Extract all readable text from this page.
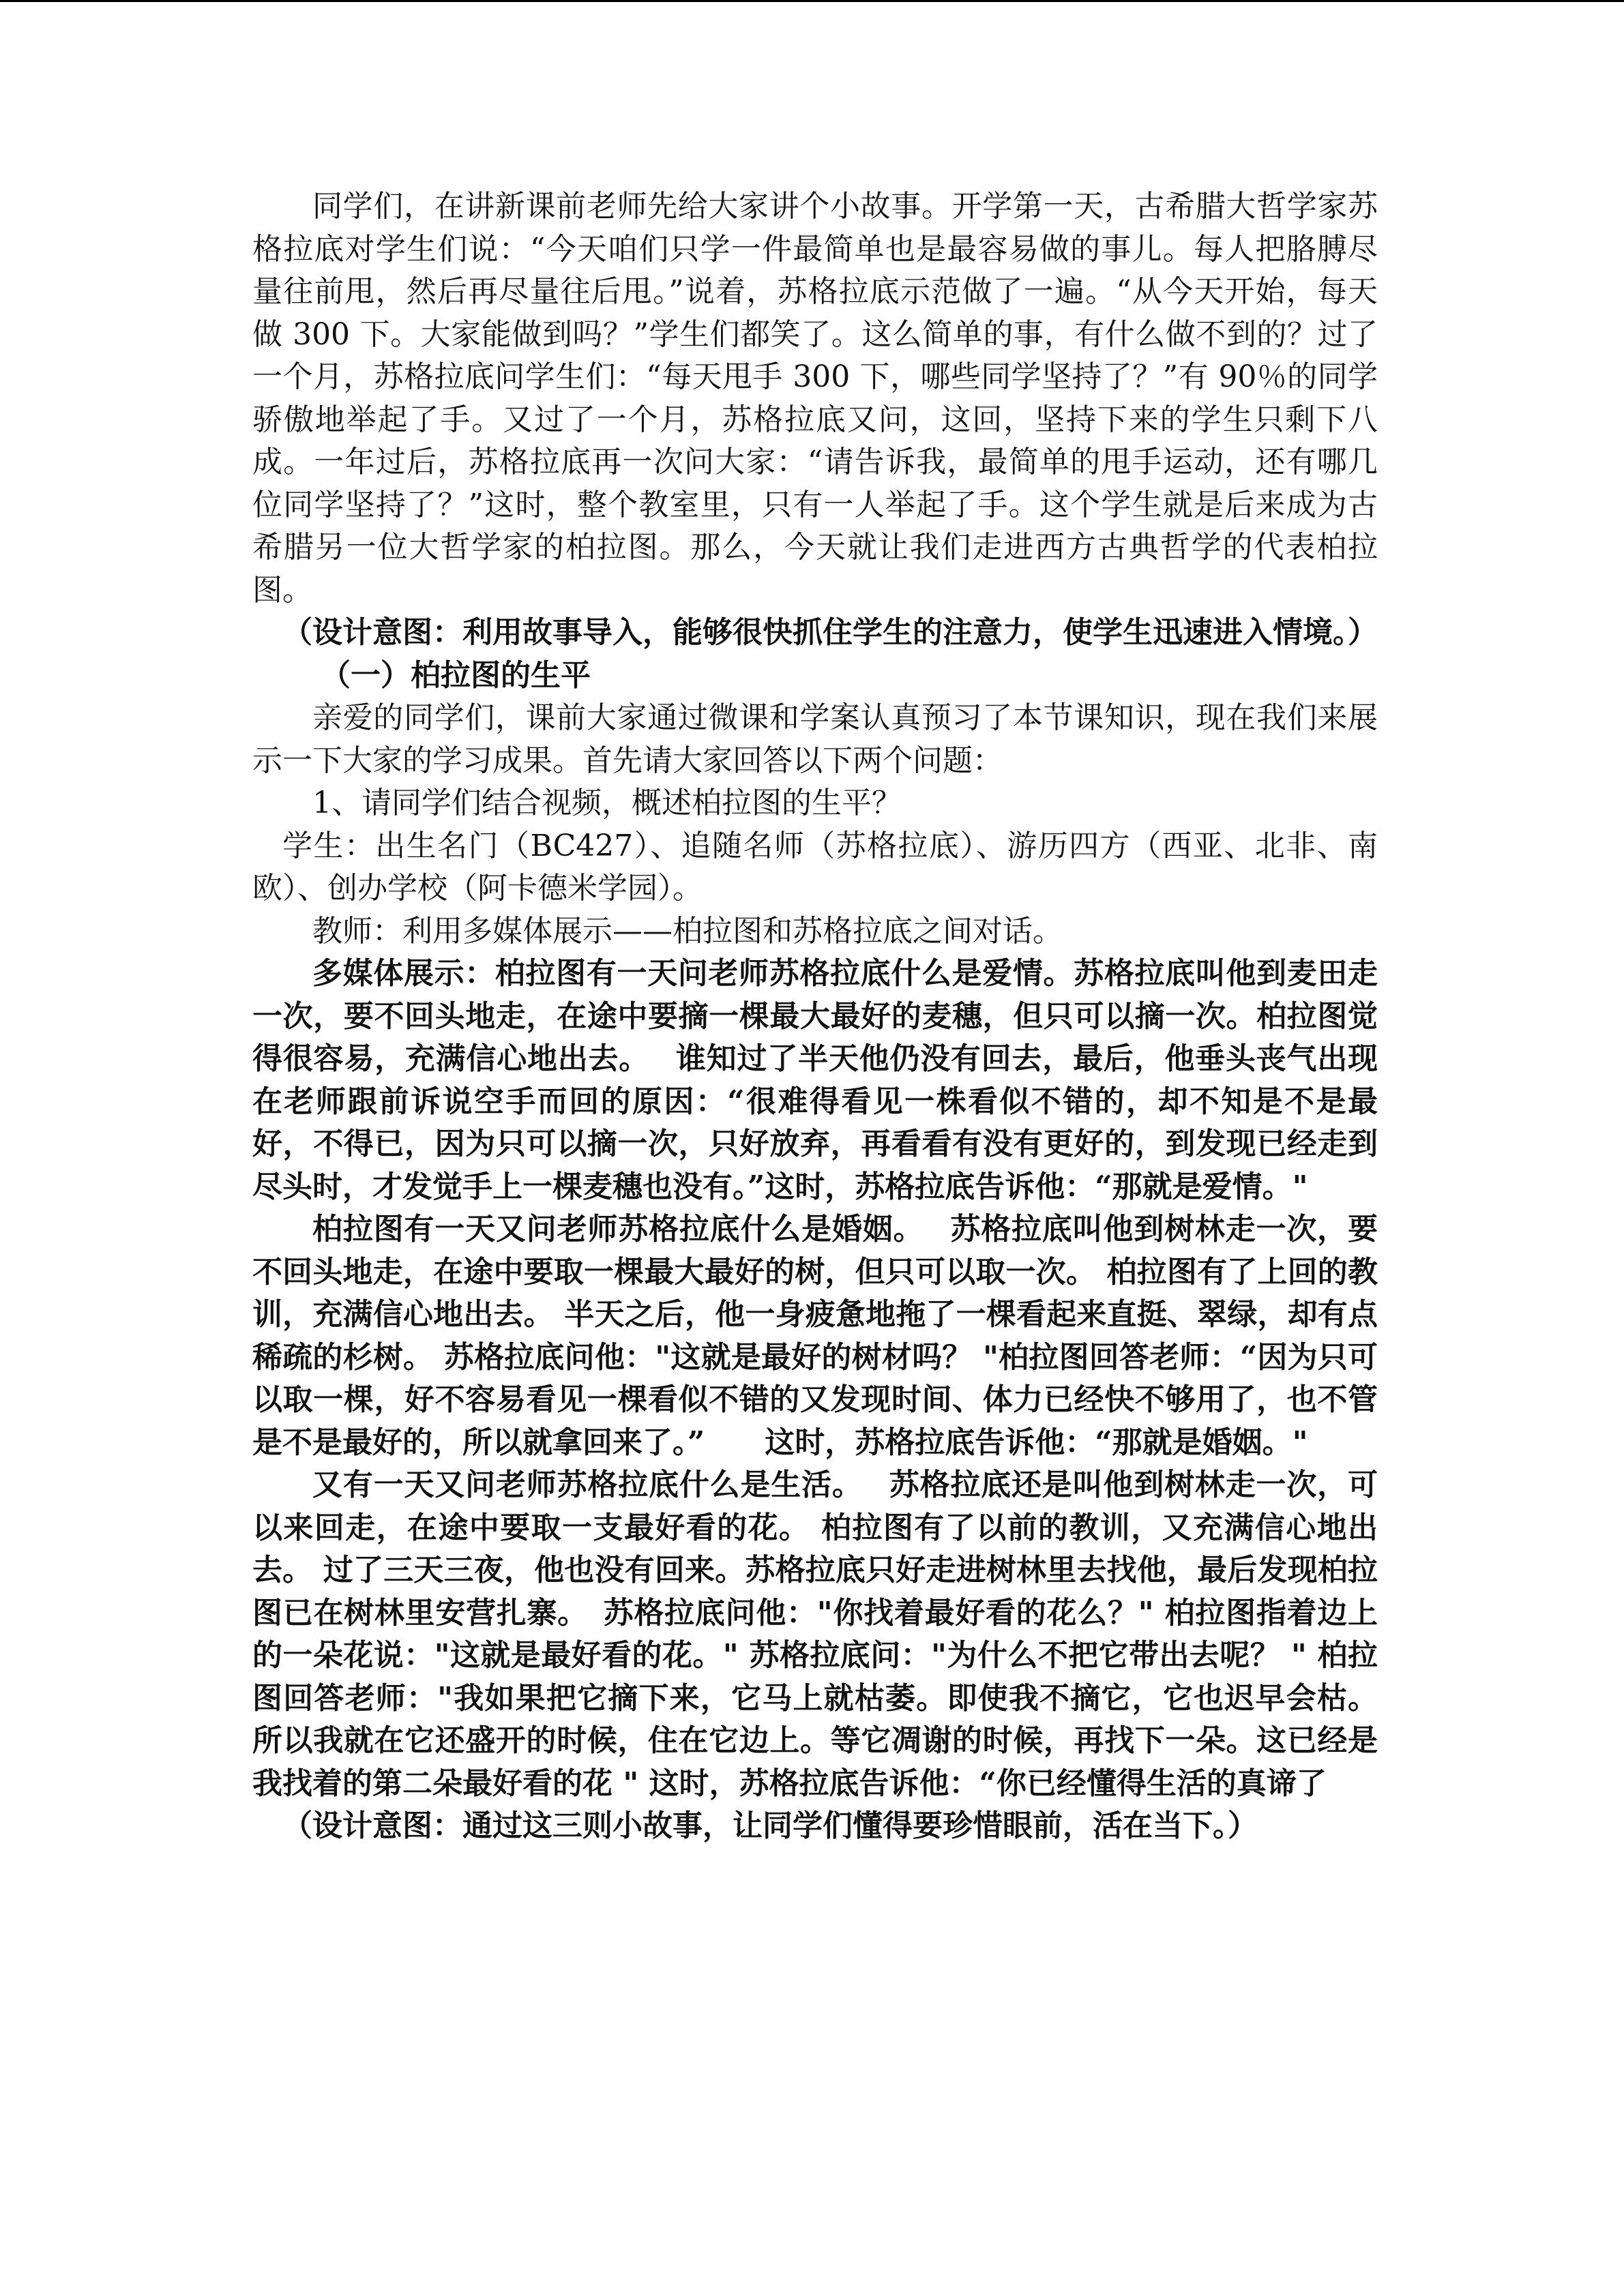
同学们，在讲新课前老师先给大家讲个小故事。开学第一天，古希腊大哲学家苏格拉底对学生们说：“今天咱们只学一件最简单也是最容易做的事儿。每人把胳膊尽量往前甩，然后再尽量往后甩。”说着，苏格拉底示范做了一遍。“从今天开始，每天做 300 下。大家能做到吗？”学生们都笑了。这么简单的事，有什么做不到的？过了一个月，苏格拉底问学生们：“每天甩手 300 下，哪些同学坚持了？”有 90％的同学骄傲地举起了手。又过了一个月，苏格拉底又问，这回，坚持下来的学生只剩下八成。一年过后，苏格拉底再一次问大家：“请告诉我，最简单的甩手运动，还有哪几位同学坚持了？”这时，整个教室里，只有一人举起了手。这个学生就是后来成为古希腊另一位大哲学家的柏拉图。那么，今天就让我们走进西方古典哲学的代表柏拉图。

（设计意图：利用故事导入，能够很快抓住学生的注意力，使学生迅速进入情境。）

（一）柏拉图的生平

亲爱的同学们，课前大家通过微课和学案认真预习了本节课知识，现在我们来展示一下大家的学习成果。首先请大家回答以下两个问题：

1、请同学们结合视频，概述柏拉图的生平？

学生：出生名门（BC427）、追随名师（苏格拉底）、游历四方（西亚、北非、南欧）、创办学校（阿卡德米学园）。

教师：利用多媒体展示——柏拉图和苏格拉底之间对话。

多媒体展示：柏拉图有一天问老师苏格拉底什么是爱情。苏格拉底叫他到麦田走一次，要不回头地走，在途中要摘一棵最大最好的麦穗，但只可以摘一次。柏拉图觉得很容易，充满信心地出去。　 谁知过了半天他仍没有回去，最后，他垂头丧气出现在老师跟前诉说空手而回的原因：“很难得看见一株看似不错的，却不知是不是最好，不得已，因为只可以摘一次，只好放弃，再看看有没有更好的，到发现已经走到尽头时，才发觉手上一棵麦穗也没有。”这时，苏格拉底告诉他：“那就是爱情。"

柏拉图有一天又问老师苏格拉底什么是婚姻。　 苏格拉底叫他到树林走一次，要不回头地走，在途中要取一棵最大最好的树，但只可以取一次。 柏拉图有了上回的教训，充满信心地出去。 半天之后，他一身疲惫地拖了一棵看起来直挺、翠绿，却有点稀疏的杉树。 苏格拉底问他："这就是最好的树材吗？ "柏拉图回答老师：“因为只可以取一棵，好不容易看见一棵看似不错的又发现时间、体力已经快不够用了，也不管是不是最好的，所以就拿回来了。”　　这时，苏格拉底告诉他：“那就是婚姻。"

又有一天又问老师苏格拉底什么是生活。　 苏格拉底还是叫他到树林走一次，可以来回走，在途中要取一支最好看的花。 柏拉图有了以前的教训，又充满信心地出去。 过了三天三夜，他也没有回来。苏格拉底只好走进树林里去找他，最后发现柏拉图已在树林里安营扎寨。　苏格拉底问他："你找着最好看的花么？" 柏拉图指着边上的一朵花说："这就是最好看的花。" 苏格拉底问："为什么不把它带出去呢？ " 柏拉图回答老师："我如果把它摘下来，它马上就枯萎。即使我不摘它，它也迟早会枯。所以我就在它还盛开的时候，住在它边上。等它凋谢的时候，再找下一朵。这已经是我找着的第二朵最好看的花 " 这时，苏格拉底告诉他：“你已经懂得生活的真谛了

（设计意图：通过这三则小故事，让同学们懂得要珍惜眼前，活在当下。）
